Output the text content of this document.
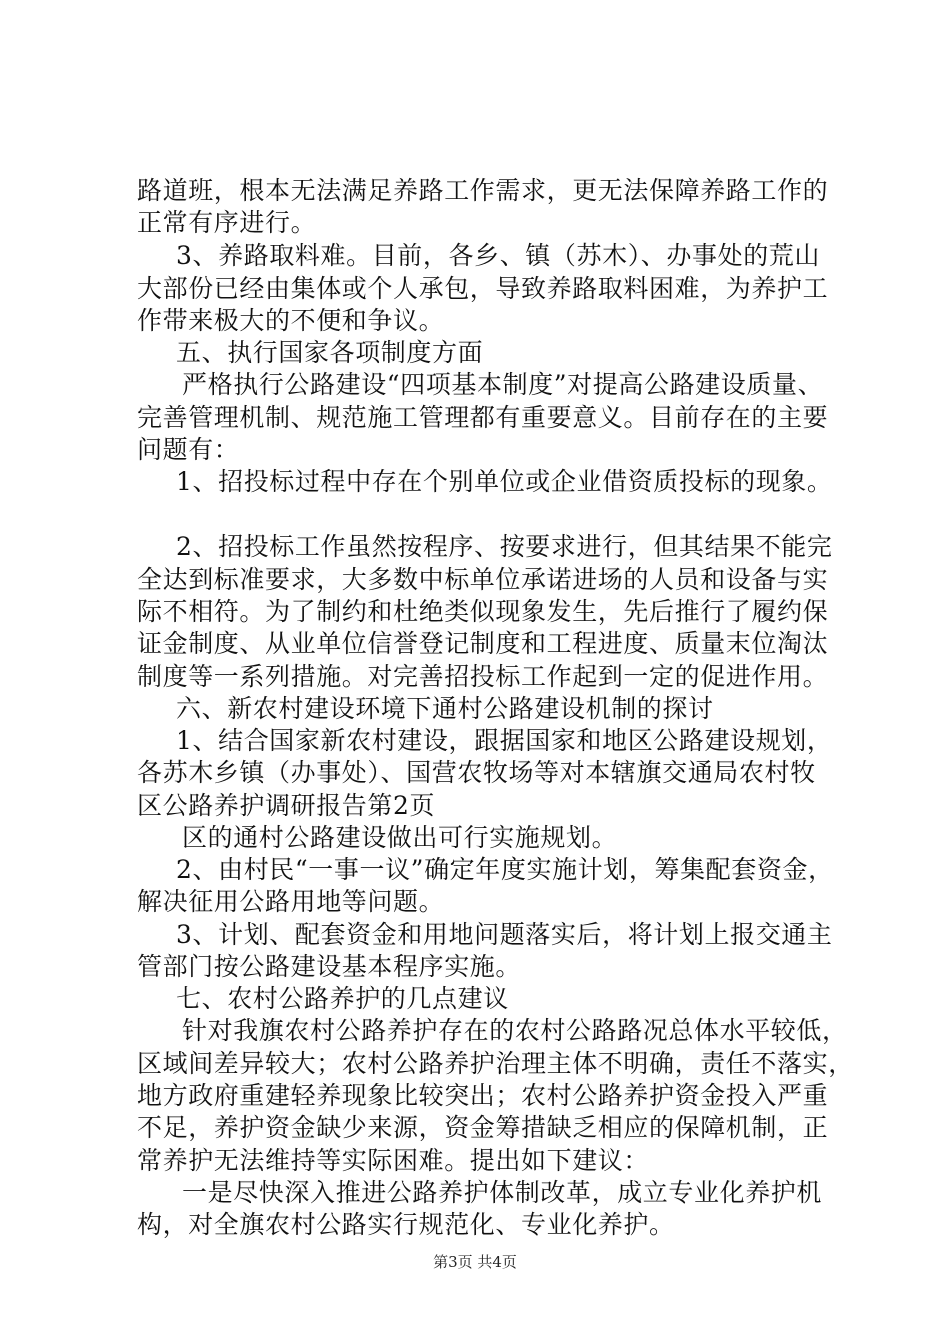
路道班，根本无法满足养路工作需求，更无法保障养路工作的
正常有序进行。
3、养路取料难。目前，各乡、镇（苏木）、办事处的荒山
大部份已经由集体或个人承包，导致养路取料困难，为养护工
作带来极大的不便和争议。
五、执行国家各项制度方面
严格执行公路建设“四项基本制度”对提高公路建设质量、
完善管理机制、规范施工管理都有重要意义。目前存在的主要
问题有：
1、招投标过程中存在个别单位或企业借资质投标的现象。
2、招投标工作虽然按程序、按要求进行，但其结果不能完
全达到标准要求，大多数中标单位承诺进场的人员和设备与实
际不相符。为了制约和杜绝类似现象发生，先后推行了履约保
证金制度、从业单位信誉登记制度和工程进度、质量末位淘汰
制度等一系列措施。对完善招投标工作起到一定的促进作用。
六、新农村建设环境下通村公路建设机制的探讨
1、结合国家新农村建设，跟据国家和地区公路建设规划，
各苏木乡镇（办事处）、国营农牧场等对本辖旗交通局农村牧
区公路养护调研报告第2页
区的通村公路建设做出可行实施规划。
2、由村民“一事一议”确定年度实施计划，筹集配套资金，
解决征用公路用地等问题。
3、计划、配套资金和用地问题落实后，将计划上报交通主
管部门按公路建设基本程序实施。
七、农村公路养护的几点建议
针对我旗农村公路养护存在的农村公路路况总体水平较低，
区域间差异较大；农村公路养护治理主体不明确，责任不落实，
地方政府重建轻养现象比较突出；农村公路养护资金投入严重
不足，养护资金缺少来源，资金筹措缺乏相应的保障机制，正
常养护无法维持等实际困难。提出如下建议：
一是尽快深入推进公路养护体制改革，成立专业化养护机
构，对全旗农村公路实行规范化、专业化养护。
第3页 共4页
